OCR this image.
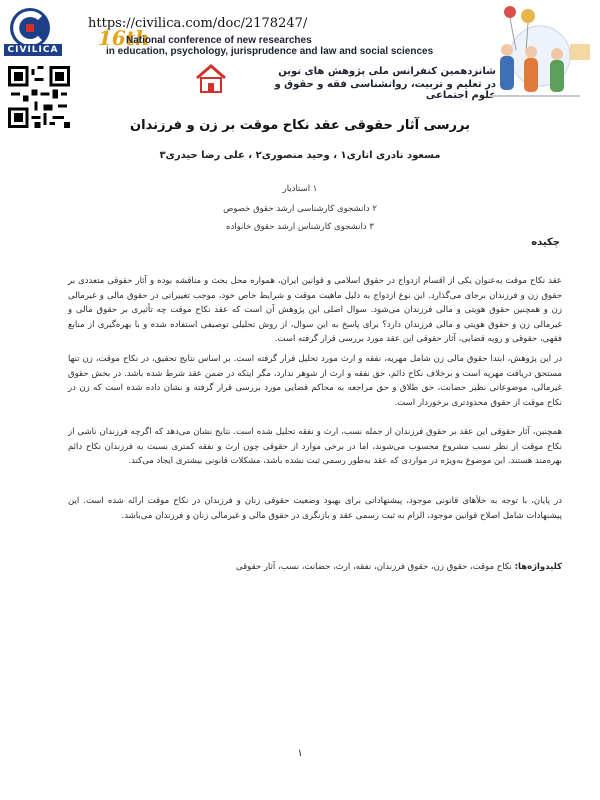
CIVILICA
https://civilica.com/doc/2178247/
16th
National conference of new researches
in education, psychology, jurisprudence and law and social sciences
شانزدهمین کنفرانس ملی پژوهش های نوین
در تعلیم و تربیت، روانشناسی فقه و حقوق و علوم اجتماعی
بررسی آثار حقوقی عقد نکاح موقت بر زن و فرزندان
مسعود نادری اناری۱ ، وحید منصوری۲ ، علی رضا حیدری۳
۱ استادیار
۲ دانشجوی کارشناسی ارشد حقوق خصوص
۳ دانشجوی کارشناس ارشد حقوق خانواده
چکیده
عقد نکاح موقت به‌عنوان یکی از اقسام ازدواج در حقوق اسلامی و قوانین ایران، همواره محل بحث و مناقشه بوده و آثار حقوقی متعددی بر حقوق زن و فرزندان برجای می‌گذارد. این نوع ازدواج به دلیل ماهیت موقت و شرایط خاص خود، موجب تغییراتی در حقوق مالی و غیرمالی زن و همچنین حقوق هویتی و مالی فرزندان می‌شود. سوال اصلی این پژوهش آن است که عقد نکاح موقت چه تأثیری بر حقوق مالی و غیرمالی زن و حقوق هویتی و مالی فرزندان دارد؟ برای پاسخ به این سوال، از روش تحلیلی توصیفی استفاده شده و با بهره‌گیری از منابع فقهی، حقوقی و رویه قضایی، آثار حقوقی این عقد مورد بررسی قرار گرفته است.
در این پژوهش، ابتدا حقوق مالی زن شامل مهریه، نفقه و ارث مورد تحلیل قرار گرفته است. بر اساس نتایج تحقیق، در نکاح موقت، زن تنها مستحق دریافت مهریه است و برخلاف نکاح دائم، حق نفقه و ارث از شوهر ندارد، مگر اینکه در ضمن عقد شرط شده باشد. در بخش حقوق غیرمالی، موضوعاتی نظیر حضانت، حق طلاق و حق مراجعه به محاکم قضایی مورد بررسی قرار گرفته و نشان داده شده است که زن در نکاح موقت از حقوق محدودتری برخوردار است.
همچنین، آثار حقوقی این عقد بر حقوق فرزندان از جمله نسب، ارث و نفقه تحلیل شده است. نتایج نشان می‌دهد که اگرچه فرزندان ناشی از نکاح موقت از نظر نسب مشروع محسوب می‌شوند، اما در برخی موارد از حقوقی چون ارث و نفقه کمتری نسبت به فرزندان نکاح دائم بهره‌مند هستند. این موضوع به‌ویژه در مواردی که عقد به‌طور رسمی ثبت نشده باشد، مشکلات قانونی بیشتری ایجاد می‌کند.
در پایان، با توجه به خلأهای قانونی موجود، پیشنهاداتی برای بهبود وضعیت حقوقی زنان و فرزندان در نکاح موقت ارائه شده است. این پیشنهادات شامل اصلاح قوانین موجود، الزام به ثبت رسمی عقد و بازنگری در حقوق مالی و غیرمالی زنان و فرزندان می‌باشد.
کلیدواژه‌ها: نکاح موقت، حقوق زن، حقوق فرزندان، نفقه، ارث، حضانت، نسب، آثار حقوقی
۱
